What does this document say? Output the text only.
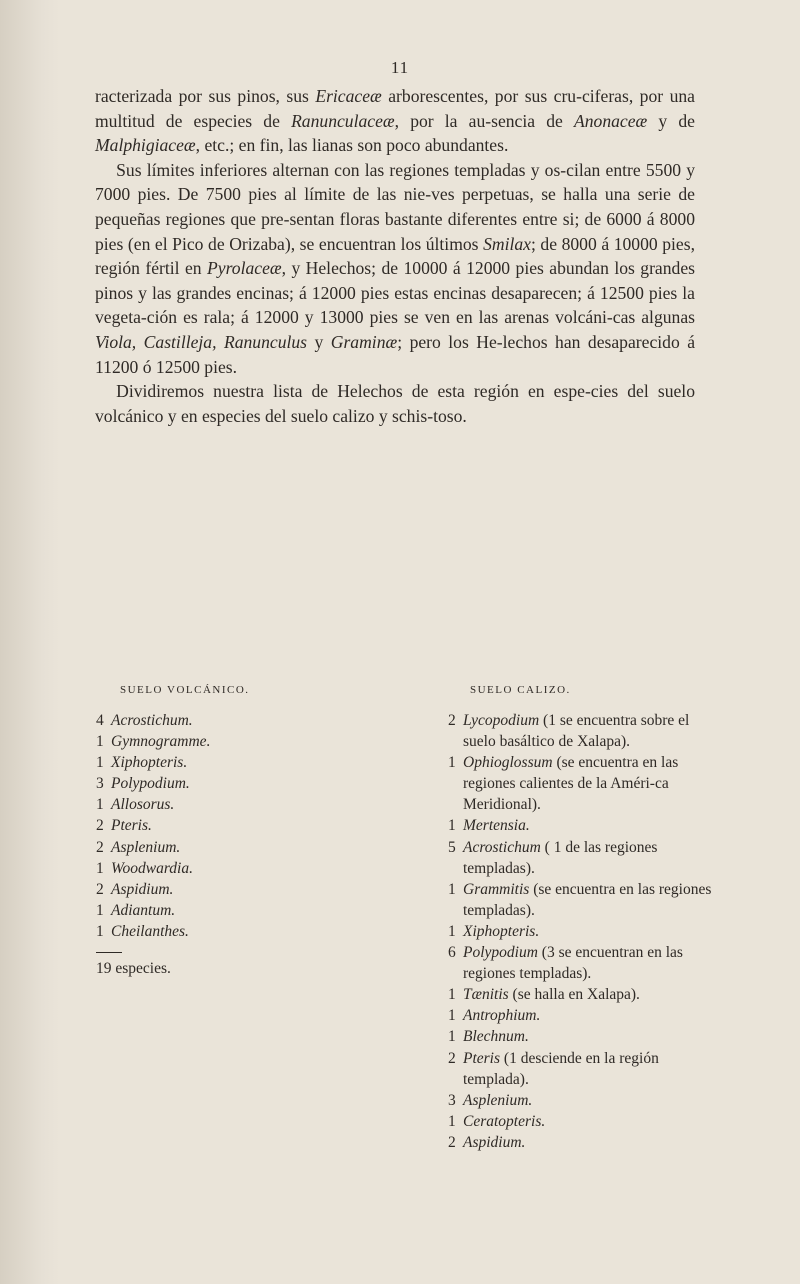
11

racterizada por sus pinos, sus Ericaceæ arborescentes, por sus cru-ciferas, por una multitud de especies de Ranunculaceæ, por la au-sencia de Anonaceæ y de Malphigiaceæ, etc.; en fin, las lianas son poco abundantes.

Sus límites inferiores alternan con las regiones templadas y os-cilan entre 5500 y 7000 pies. De 7500 pies al límite de las nie-ves perpetuas, se halla una serie de pequeñas regiones que pre-sentan floras bastante diferentes entre si; de 6000 á 8000 pies (en el Pico de Orizaba), se encuentran los últimos Smilax; de 8000 á 10000 pies, región fértil en Pyrolaceæ, y Helechos; de 10000 á 12000 pies abundan los grandes pinos y las grandes encinas; á 12000 pies estas encinas desaparecen; á 12500 pies la vegeta-ción es rala; á 12000 y 13000 pies se ven en las arenas volcáni-cas algunas Viola, Castilleja, Ranunculus y Graminæ; pero los He-lechos han desaparecido á 11200 ó 12500 pies.

Dividiremos nuestra lista de Helechos de esta región en espe-cies del suelo volcánico y en especies del suelo calizo y schis-toso.

SUELO VOLCÁNICO.	SUELO CALIZO.
4 Acrostichum.
1 Gymnogramme.
1 Xiphopteris.
3 Polypodium.
1 Allosorus.
2 Pteris.
2 Asplenium.
1 Woodwardia.
2 Aspidium.
1 Adiantum.
1 Cheilanthes.
19 especies.
2 Lycopodium (1 se encuentra sobre el suelo basáltico de Xalapa).
1 Ophioglossum (se encuentra en las regiones calientes de la Améri-ca Meridional).
1 Mertensia.
5 Acrostichum ( 1 de las regiones templadas).
1 Grammitis (se encuentra en las regiones templadas).
1 Xiphopteris.
6 Polypodium (3 se encuentran en las regiones templadas).
1 Tænitis (se halla en Xalapa).
1 Antrophium.
1 Blechnum.
2 Pteris (1 desciende en la región templada).
3 Asplenium.
1 Ceratopteris.
2 Aspidium.
